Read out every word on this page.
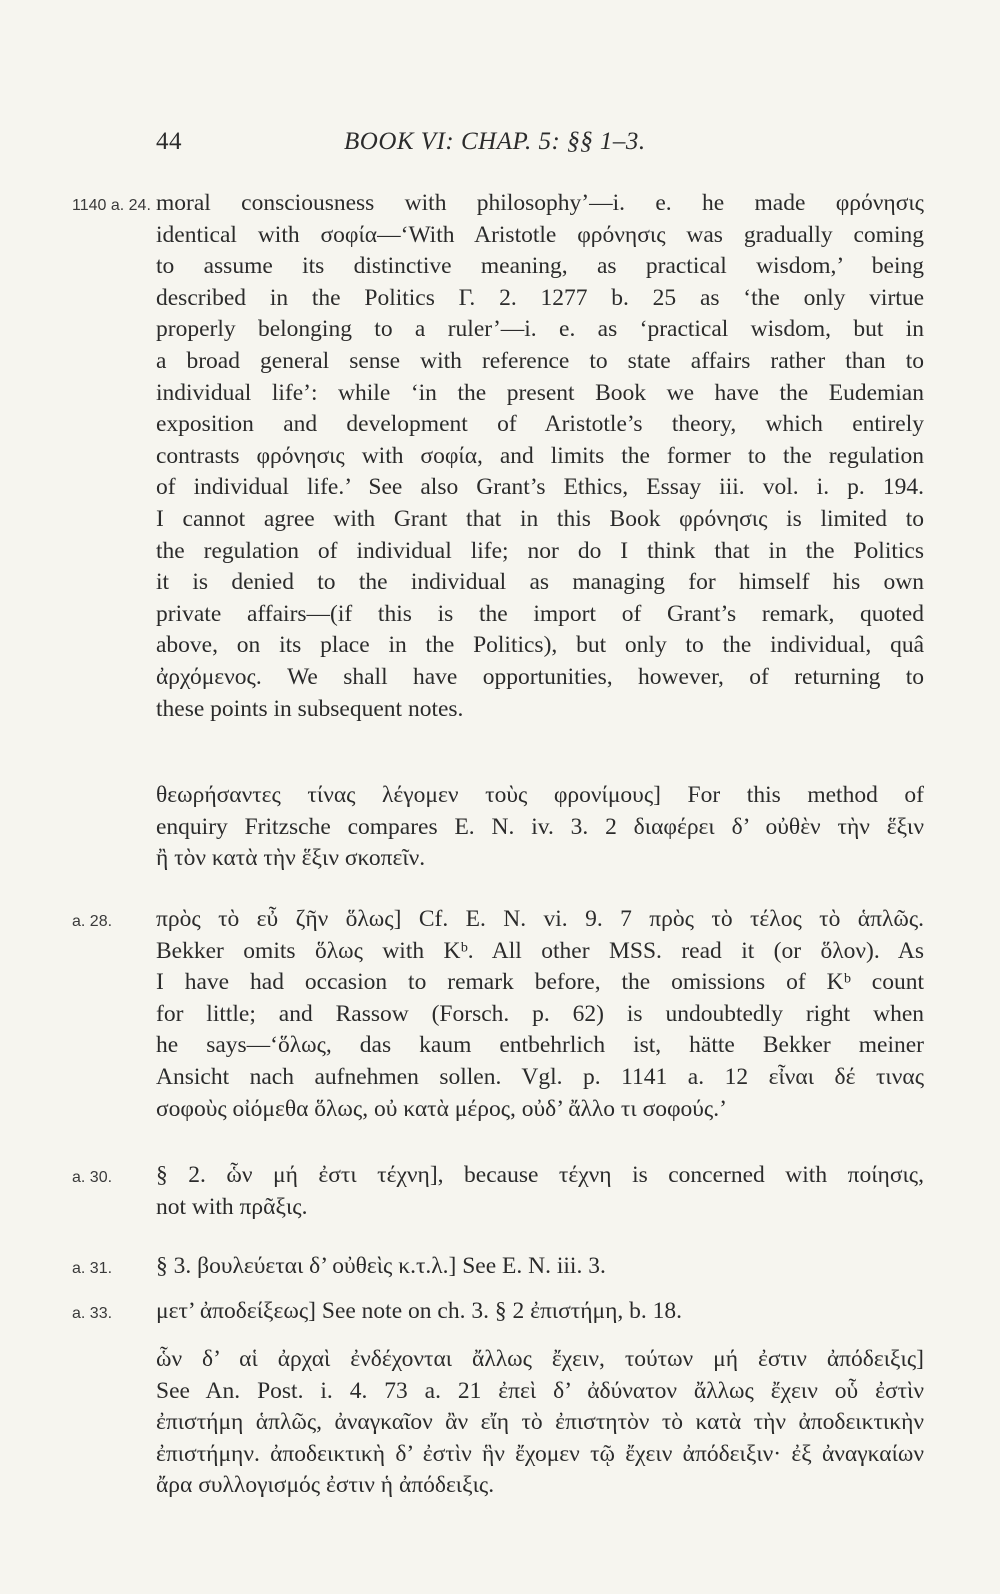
44	BOOK VI: CHAP. 5: §§ 1–3.
1140 a. 24.
a. 28.
a. 30.
a. 31.
a. 33.
moral consciousness with philosophy’—i. e. he made φρόνησις
identical with σοφία—‘With Aristotle φρόνησις was gradually coming
to assume its distinctive meaning, as practical wisdom,’ being
described in the Politics Γ. 2. 1277 b. 25 as ‘the only virtue
properly belonging to a ruler’—i. e. as ‘practical wisdom, but in
a broad general sense with reference to state affairs rather than to
individual life’: while ‘in the present Book we have the Eudemian
exposition and development of Aristotle’s theory, which entirely
contrasts φρόνησις with σοφία, and limits the former to the regulation
of individual life.’ See also Grant’s Ethics, Essay iii. vol. i. p. 194.
I cannot agree with Grant that in this Book φρόνησις is limited to
the regulation of individual life; nor do I think that in the Politics
it is denied to the individual as managing for himself his own
private affairs—(if this is the import of Grant’s remark, quoted
above, on its place in the Politics), but only to the individual, quâ
ἀρχόμενος. We shall have opportunities, however, of returning to
these points in subsequent notes.
θεωρήσαντες τίνας λέγομεν τοὺς φρονίμους] For this method of
enquiry Fritzsche compares E. N. iv. 3. 2 διαφέρει δ’ οὐθὲν τὴν ἕξιν
ἢ τὸν κατὰ τὴν ἕξιν σκοπεῖν.
πρὸς τὸ εὖ ζῆν ὅλως] Cf. E. N. vi. 9. 7 πρὸς τὸ τέλος τὸ ἁπλῶς.
Bekker omits ὅλως with Kᵇ. All other MSS. read it (or ὅλον). As
I have had occasion to remark before, the omissions of Kᵇ count
for little; and Rassow (Forsch. p. 62) is undoubtedly right when
he says—‘ὅλως, das kaum entbehrlich ist, hätte Bekker meiner
Ansicht nach aufnehmen sollen. Vgl. p. 1141 a. 12 εἶναι δέ τινας
σοφοὺς οἰόμεθα ὅλως, οὐ κατὰ μέρος, οὐδ’ ἄλλο τι σοφούς.’
§ 2. ὧν μή ἐστι τέχνη], because τέχνη is concerned with ποίησις,
not with πρᾶξις.
§ 3. βουλεύεται δ’ οὐθεὶς κ.τ.λ.] See E. N. iii. 3.
μετ’ ἀποδείξεως] See note on ch. 3. § 2 ἐπιστήμη, b. 18.
ὧν δ’ αἱ ἀρχαὶ ἐνδέχονται ἄλλως ἔχειν, τούτων μή ἐστιν ἀπόδειξις]
See An. Post. i. 4. 73 a. 21 ἐπεὶ δ’ ἀδύνατον ἄλλως ἔχειν οὗ ἐστὶν
ἐπιστήμη ἁπλῶς, ἀναγκαῖον ἂν εἴη τὸ ἐπιστητὸν τὸ κατὰ τὴν ἀποδεικτικὴν
ἐπιστήμην. ἀποδεικτικὴ δ’ ἐστὶν ἣν ἔχομεν τῷ ἔχειν ἀπόδειξιν· ἐξ ἀναγκαίων
ἄρα συλλογισμός ἐστιν ἡ ἀπόδειξις.
